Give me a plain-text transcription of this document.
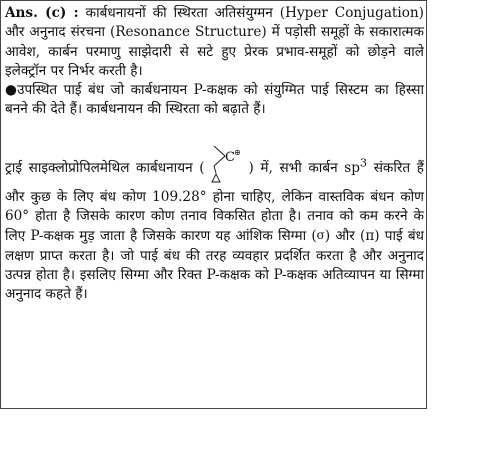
Ans. (c) : कार्बधनायनों की स्थिरता अतिसंयुग्मन (Hyper Conjugation) और अनुनाद संरचना (Resonance Structure) में पड़ोसी समूहों के सकारात्मक आवेश, कार्बन परमाणु साझेदारी से सटे हुए प्रेरक प्रभाव-समूहों को छोड़ने वाले इलेक्ट्रॉन पर निर्भर करती है।

●उपस्थित पाई बंध जो कार्बधनायन P-कक्षक को संयुग्मित पाई सिस्टम का हिस्सा बनने की देते हैं। कार्बधनायन की स्थिरता को बढ़ाते हैं।

ट्राई साइक्लोप्रोपिलमेथिल कार्बधनायन (
C ⊕
) में, सभी कार्बन $sp^3$ संकरित हैं और कुछ के लिए बंध कोण 109.28° होना चाहिए, लेकिन वास्तविक बंधन कोण 60° होता है जिसके कारण कोण तनाव विकसित होता है। तनाव को कम करने के लिए P-कक्षक मुड़ जाता है जिसके कारण यह आंशिक सिग्मा (σ) और (π) पाई बंध लक्षण प्राप्त करता है। जो पाई बंध की तरह व्यवहार प्रदर्शित करता है और अनुनाद उत्पन्न होता है। इसलिए सिग्मा और रिक्त P-कक्षक को P-कक्षक अतिव्यापन या सिग्मा अनुनाद कहते हैं।
